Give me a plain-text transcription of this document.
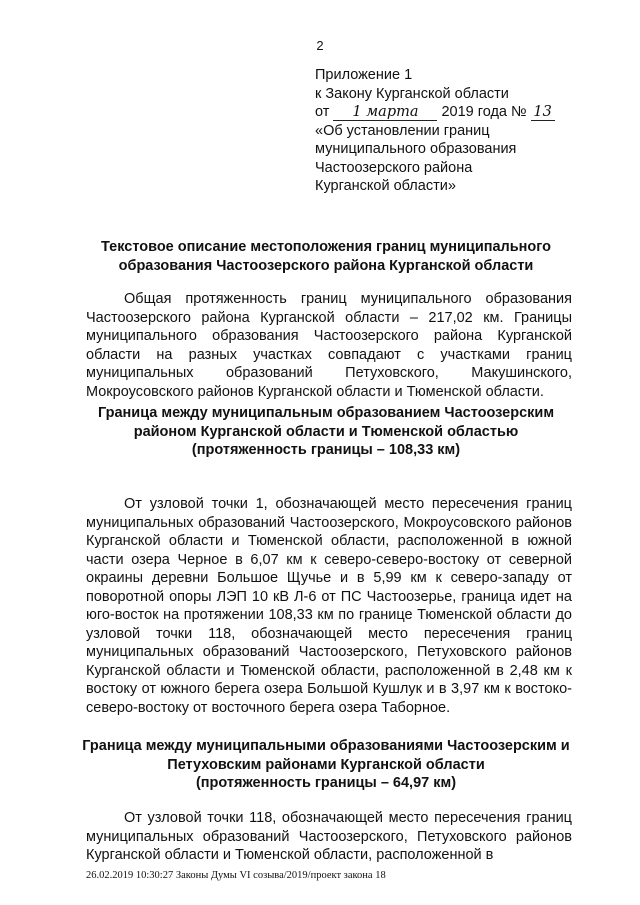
2
Приложение 1
к Закону Курганской области
от 1 марта 2019 года № 13
«Об установлении границ
муниципального образования
Частоозерского района
Курганской области»
Текстовое описание местоположения границ муниципального образования Частоозерского района Курганской области
Общая протяженность границ муниципального образования Частоозерского района Курганской области – 217,02 км. Границы муниципального образования Частоозерского района Курганской области на разных участках совпадают с участками границ муниципальных образований Петуховского, Макушинского, Мокроусовского районов Курганской области и Тюменской области.
Граница между муниципальным образованием Частоозерским районом Курганской области и Тюменской областью
(протяженность границы – 108,33 км)
От узловой точки 1, обозначающей место пересечения границ муниципальных образований Частоозерского, Мокроусовского районов Курганской области и Тюменской области, расположенной в южной части озера Черное в 6,07 км к северо-северо-востоку от северной окраины деревни Большое Щучье и в 5,99 км к северо-западу от поворотной опоры ЛЭП 10 кВ Л-6 от ПС Частоозерье, граница идет на юго-восток на протяжении 108,33 км по границе Тюменской области до узловой точки 118, обозначающей место пересечения границ муниципальных образований Частоозерского, Петуховского районов Курганской области и Тюменской области, расположенной в 2,48 км к востоку от южного берега озера Большой Кушлук и в 3,97 км к востоко-северо-востоку от восточного берега озера Таборное.
Граница между муниципальными образованиями Частоозерским и Петуховским районами Курганской области
(протяженность границы – 64,97 км)
От узловой точки 118, обозначающей место пересечения границ муниципальных образований Частоозерского, Петуховского районов Курганской области и Тюменской области, расположенной в
26.02.2019 10:30:27 Законы Думы VI созыва/2019/проект закона 18
